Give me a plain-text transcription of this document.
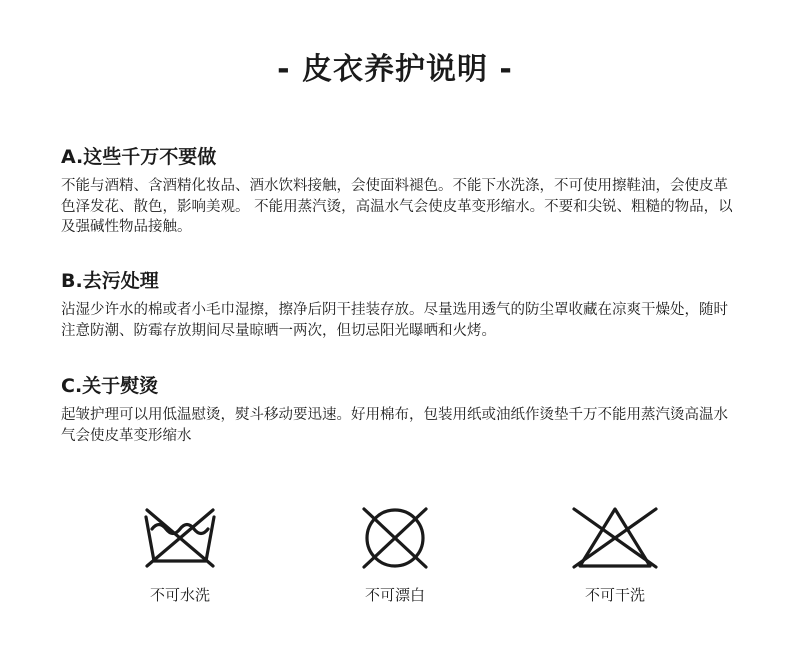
- 皮衣养护说明 -
A.这些千万不要做

不能与酒精、含酒精化妆品、酒水饮料接触，会使面料褪色。不能下水洗涤，不可使用擦鞋油，会使皮革色泽发花、散色，影响美观。 不能用蒸汽烫，高温水气会使皮革变形缩水。不要和尖锐、粗糙的物品，以及强碱性物品接触。

B.去污处理

沾湿少许水的棉或者小毛巾湿擦，擦净后阴干挂装存放。尽量选用透气的防尘罩收藏在凉爽干燥处，随时注意防潮、防霉存放期间尽量晾晒一两次，但切忌阳光曝晒和火烤。

C.关于熨烫

起皱护理可以用低温慰烫，熨斗移动要迅速。好用棉布，包装用纸或油纸作烫垫千万不能用蒸汽烫高温水气会使皮革变形缩水

不可水洗	不可漂白	不可干洗
